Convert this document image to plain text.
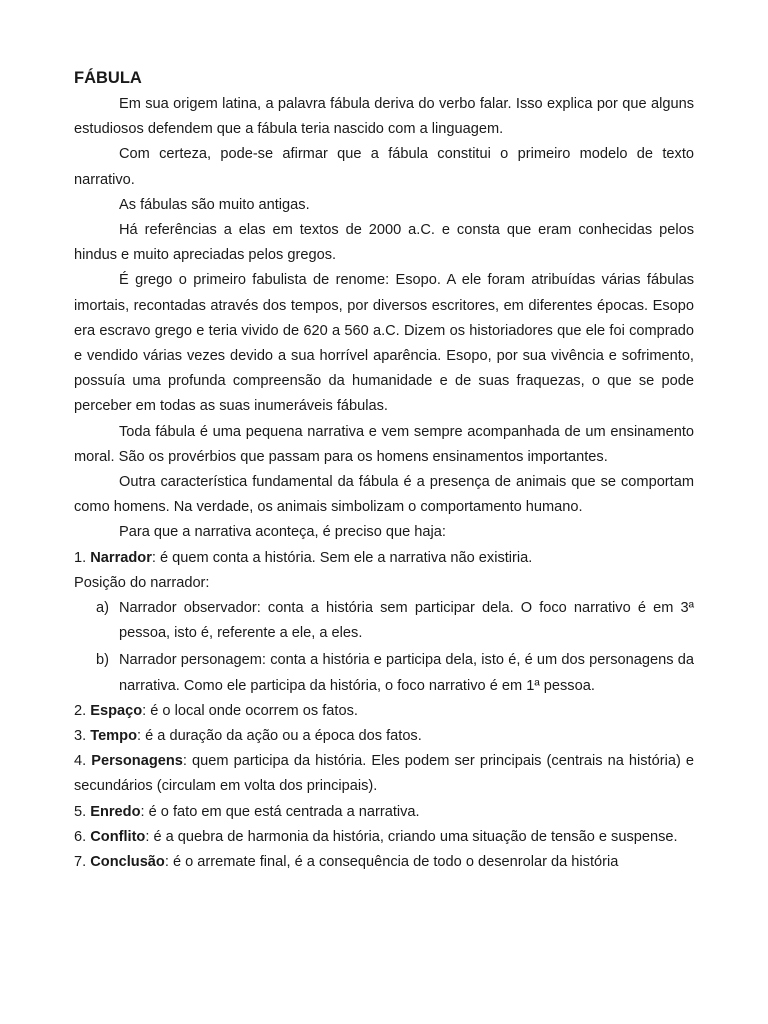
FÁBULA

Em sua origem latina, a palavra fábula deriva do verbo falar. Isso explica por que alguns estudiosos defendem que a fábula teria nascido com a linguagem.

Com certeza, pode-se afirmar que a fábula constitui o primeiro modelo de texto narrativo.

As fábulas são muito antigas.

Há referências a elas em textos de 2000 a.C. e consta que eram conhecidas pelos hindus e muito apreciadas pelos gregos.

É grego o primeiro fabulista de renome: Esopo. A ele foram atribuídas várias fábulas imortais, recontadas através dos tempos, por diversos escritores, em diferentes épocas. Esopo era escravo grego e teria vivido de 620 a 560 a.C. Dizem os historiadores que ele foi comprado e vendido várias vezes devido a sua horrível aparência. Esopo, por sua vivência e sofrimento, possuía uma profunda compreensão da humanidade e de suas fraquezas, o que se pode perceber em todas as suas inumeráveis fábulas.

Toda fábula é uma pequena narrativa e vem sempre acompanhada de um ensinamento moral. São os provérbios que passam para os homens ensinamentos importantes.

Outra característica fundamental da fábula é a presença de animais que se comportam como homens. Na verdade, os animais simbolizam o comportamento humano.

Para que a narrativa aconteça, é preciso que haja:

1. Narrador: é quem conta a história. Sem ele a narrativa não existiria.

Posição do narrador:

a) Narrador observador: conta a história sem participar dela. O foco narrativo é em 3ª pessoa, isto é, referente a ele, a eles.

b) Narrador personagem: conta a história e participa dela, isto é, é um dos personagens da narrativa. Como ele participa da história, o foco narrativo é em 1ª pessoa.

2. Espaço: é o local onde ocorrem os fatos.

3. Tempo: é a duração da ação ou a época dos fatos.

4. Personagens: quem participa da história. Eles podem ser principais (centrais na história) e secundários (circulam em volta dos principais).

5. Enredo: é o fato em que está centrada a narrativa.

6. Conflito: é a quebra de harmonia da história, criando uma situação de tensão e suspense.

7. Conclusão: é o arremate final, é a consequência de todo o desenrolar da história
